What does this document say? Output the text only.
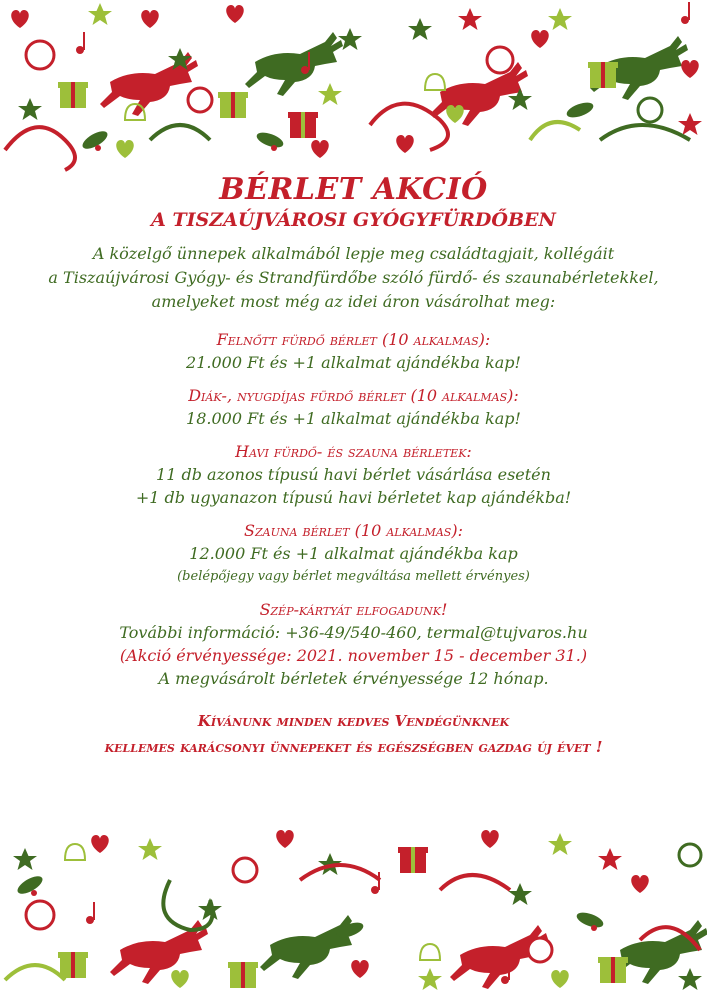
BÉRLET AKCIÓ
A TISZAÚJVÁROSI GYÓGYFÜRDŐBEN
A közelgő ünnepek alkalmából lepje meg családtagjait, kollégáit
a Tiszaújvárosi Gyógy- és Strandfürdőbe szóló fürdő- és szaunabérletekkel,
amelyeket most még az idei áron vásárolhat meg:
Felnőtt fürdő bérlet (10 alkalmas):
21.000 Ft és +1 alkalmat ajándékba kap!
Diák-, nyugdíjas fürdő bérlet (10 alkalmas):
18.000 Ft és +1 alkalmat ajándékba kap!
Havi fürdő- és szauna bérletek:
11 db azonos típusú havi bérlet vásárlása esetén
+1 db ugyanazon típusú havi bérletet kap ajándékba!
Szauna bérlet (10 alkalmas):
12.000 Ft és +1 alkalmat ajándékba kap
(belépőjegy vagy bérlet megváltása mellett érvényes)
Szép-kártyát elfogadunk!
További információ: +36-49/540-460, termal@tujvaros.hu
(Akció érvényessége: 2021. november 15 - december 31.)
A megvásárolt bérletek érvényessége 12 hónap.
Kívánunk minden kedves Vendégünknek
kellemes karácsonyi ünnepeket és egészségben gazdag új évet !
